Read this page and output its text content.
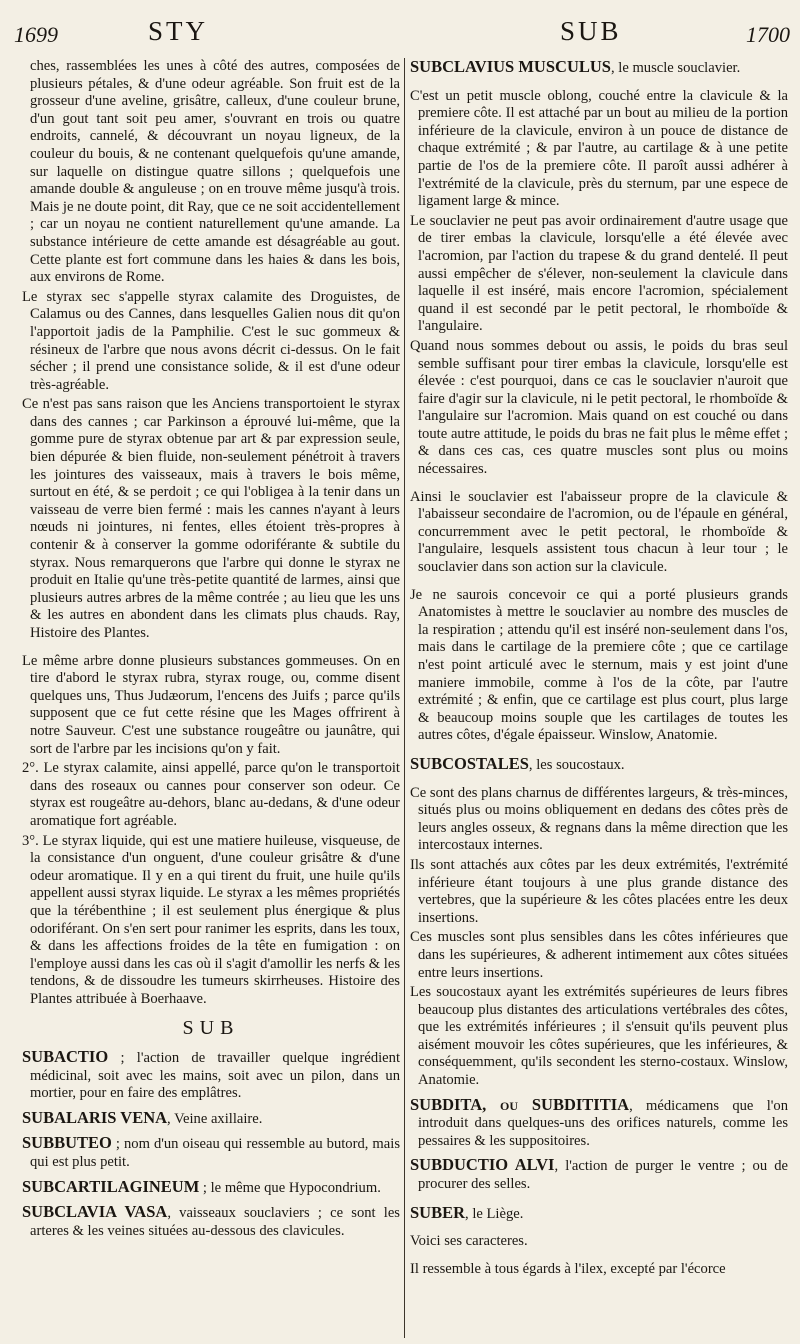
1699	STY	SUB	1700

ches, rassemblées les unes à côté des autres, composées de plusieurs pétales, & d'une odeur agréable. Son fruit est de la grosseur d'une aveline, grisâtre, calleux, d'une couleur brune, d'un gout tant soit peu amer, s'ouvrant en trois ou quatre endroits, cannelé, & découvrant un noyau ligneux, de la couleur du bouis, & ne contenant quelquefois qu'une amande, sur laquelle on distingue quatre sillons ; quelquefois une amande double & anguleuse ; on en trouve même jusqu'à trois. Mais je ne doute point, dit Ray, que ce ne soit accidentellement ; car un noyau ne contient naturellement qu'une amande. La substance intérieure de cette amande est désagréable au gout. Cette plante est fort commune dans les haies & dans les bois, aux environs de Rome.

Le styrax sec s'appelle styrax calamite des Droguistes, de Calamus ou des Cannes, dans lesquelles Galien nous dit qu'on l'apportoit jadis de la Pamphilie. C'est le suc gommeux & résineux de l'arbre que nous avons décrit ci-dessus. On le fait sécher ; il prend une consistance solide, & il est d'une odeur très-agréable.

Ce n'est pas sans raison que les Anciens transportoient le styrax dans des cannes ; car Parkinson a éprouvé lui-même, que la gomme pure de styrax obtenue par art & par expression seule, bien dépurée & bien fluide, non-seulement pénétroit à travers les jointures des vaisseaux, mais à travers le bois même, surtout en été, & se perdoit ; ce qui l'obligea à la tenir dans un vaisseau de verre bien fermé : mais les cannes n'ayant à leurs nœuds ni jointures, ni fentes, elles étoient très-propres à contenir & à conserver la gomme odoriférante & subtile du styrax. Nous remarquerons que l'arbre qui donne le styrax ne produit en Italie qu'une très-petite quantité de larmes, ainsi que plusieurs autres arbres de la même contrée ; au lieu que les uns & les autres en abondent dans les climats plus chauds. Ray, Histoire des Plantes.

Le même arbre donne plusieurs substances gommeuses. On en tire d'abord le styrax rubra, styrax rouge, ou, comme disent quelques uns, Thus Judæorum, l'encens des Juifs ; parce qu'ils supposent que ce fut cette résine que les Mages offrirent à notre Sauveur. C'est une substance rougeâtre ou jaunâtre, qui sort de l'arbre par les incisions qu'on y fait.

2°. Le styrax calamite, ainsi appellé, parce qu'on le transportoit dans des roseaux ou cannes pour conserver son odeur. Ce styrax est rougeâtre au-dehors, blanc au-dedans, & d'une odeur aromatique fort agréable.

3°. Le styrax liquide, qui est une matiere huileuse, visqueuse, de la consistance d'un onguent, d'une couleur grisâtre & d'une odeur aromatique. Il y en a qui tirent du fruit, une huile qu'ils appellent aussi styrax liquide. Le styrax a les mêmes propriétés que la térébenthine ; il est seulement plus énergique & plus odoriférant. On s'en sert pour ranimer les esprits, dans les toux, & dans les affections froides de la tête en fumigation : on l'employe aussi dans les cas où il s'agit d'amollir les nerfs & les tendons, & de dissoudre les tumeurs skirrheuses. Histoire des Plantes attribuée à Boerhaave.

SUB

SUBACTIO ; l'action de travailler quelque ingrédient médicinal, soit avec les mains, soit avec un pilon, dans un mortier, pour en faire des emplâtres.

SUBALARIS VENA, Veine axillaire.

SUBBUTEO ; nom d'un oiseau qui ressemble au butord, mais qui est plus petit.

SUBCARTILAGINEUM ; le même que Hypocondrium.

SUBCLAVIA VASA, vaisseaux souclaviers ; ce sont les arteres & les veines situées au-dessous des clavicules.

SUBCLAVIUS MUSCULUS, le muscle souclavier.

C'est un petit muscle oblong, couché entre la clavicule & la premiere côte. Il est attaché par un bout au milieu de la portion inférieure de la clavicule, environ à un pouce de distance de chaque extrémité ; & par l'autre, au cartilage & à une petite partie de l'os de la premiere côte. Il paroît aussi adhérer à l'extrémité de la clavicule, près du sternum, par une espece de ligament large & mince.

Le souclavier ne peut pas avoir ordinairement d'autre usage que de tirer embas la clavicule, lorsqu'elle a été élevée avec l'acromion, par l'action du trapese & du grand dentelé. Il peut aussi empêcher de s'élever, non-seulement la clavicule dans laquelle il est inséré, mais encore l'acromion, spécialement quand il est secondé par le petit pectoral, le rhomboïde & l'angulaire.

Quand nous sommes debout ou assis, le poids du bras seul semble suffisant pour tirer embas la clavicule, lorsqu'elle est élevée : c'est pourquoi, dans ce cas le souclavier n'auroit que faire d'agir sur la clavicule, ni le petit pectoral, le rhomboïde & l'angulaire sur l'acromion. Mais quand on est couché ou dans toute autre attitude, le poids du bras ne fait plus le même effet ; & dans ces cas, ces quatre muscles sont plus ou moins nécessaires.

Ainsi le souclavier est l'abaisseur propre de la clavicule & l'abaisseur secondaire de l'acromion, ou de l'épaule en général, concurremment avec le petit pectoral, le rhomboïde & l'angulaire, lesquels assistent tous chacun à leur tour ; le souclavier dans son action sur la clavicule.

Je ne saurois concevoir ce qui a porté plusieurs grands Anatomistes à mettre le souclavier au nombre des muscles de la respiration ; attendu qu'il est inséré non-seulement dans l'os, mais dans le cartilage de la premiere côte ; que ce cartilage n'est point articulé avec le sternum, mais y est joint d'une maniere immobile, comme à l'os de la côte, par l'autre extrémité ; & enfin, que ce cartilage est plus court, plus large & beaucoup moins souple que les cartilages de toutes les autres côtes, d'égale épaisseur. Winslow, Anatomie.

SUBCOSTALES, les soucostaux.

Ce sont des plans charnus de différentes largeurs, & très-minces, situés plus ou moins obliquement en dedans des côtes près de leurs angles osseux, & regnans dans la même direction que les intercostaux internes.

Ils sont attachés aux côtes par les deux extrémités, l'extrémité inférieure étant toujours à une plus grande distance des vertebres, que la supérieure & les côtes placées entre les deux insertions.

Ces muscles sont plus sensibles dans les côtes inférieures que dans les supérieures, & adherent intimement aux côtes situées entre leurs insertions.

Les soucostaux ayant les extrémités supérieures de leurs fibres beaucoup plus distantes des articulations vertébrales des côtes, que les extrémités inférieures ; il s'ensuit qu'ils peuvent plus aisément mouvoir les côtes supérieures, que les inférieures, & conséquemment, qu'ils secondent les sterno-costaux. Winslow, Anatomie.

SUBDITA, ou SUBDITITIA, médicamens que l'on introduit dans quelques-uns des orifices naturels, comme les pessaires & les suppositoires.

SUBDUCTIO ALVI, l'action de purger le ventre ; ou de procurer des selles.

SUBER, le Liège.

Voici ses caracteres.

Il ressemble à tous égards à l'ilex, excepté par l'écorce
